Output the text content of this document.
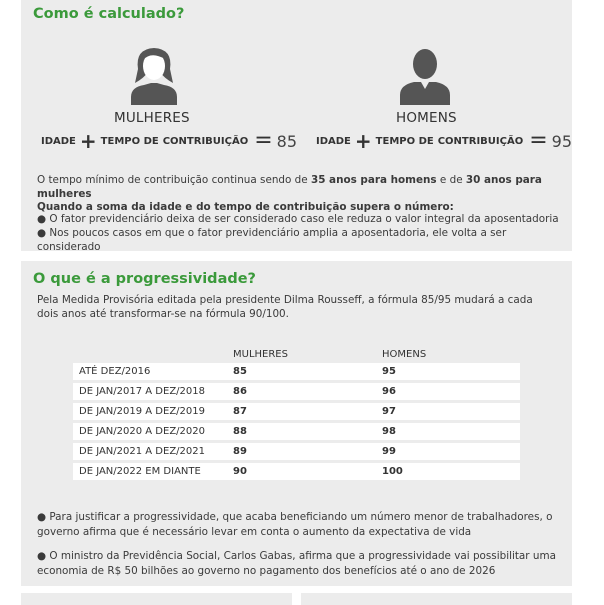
Como é calculado?
MULHERES	HOMENS
IDADE + TEMPO DE CONTRIBUIÇÃO = 85 IDADE + TEMPO DE CONTRIBUIÇÃO = 95
O tempo mínimo de contribuição continua sendo de 35 anos para homens e de 30 anos para mulheres
Quando a soma da idade e do tempo de contribuição supera o número:
● O fator previdenciário deixa de ser considerado caso ele reduza o valor integral da aposentadoria
● Nos poucos casos em que o fator previdenciário amplia a aposentadoria, ele volta a ser considerado
O que é a progressividade?
Pela Medida Provisória editada pela presidente Dilma Rousseff, a fórmula 85/95 mudará a cada dois anos até transformar-se na fórmula 90/100.
	MULHERES	HOMENS
ATÉ DEZ/2016	85	95
DE JAN/2017 A DEZ/2018	86	96
DE JAN/2019 A DEZ/2019	87	97
DE JAN/2020 A DEZ/2020	88	98
DE JAN/2021 A DEZ/2021	89	99
DE JAN/2022 EM DIANTE	90	100
● Para justificar a progressividade, que acaba beneficiando um número menor de trabalhadores, o governo afirma que é necessário levar em conta o aumento da expectativa de vida
● O ministro da Previdência Social, Carlos Gabas, afirma que a progressividade vai possibilitar uma economia de R$ 50 bilhões ao governo no pagamento dos benefícios até o ano de 2026
